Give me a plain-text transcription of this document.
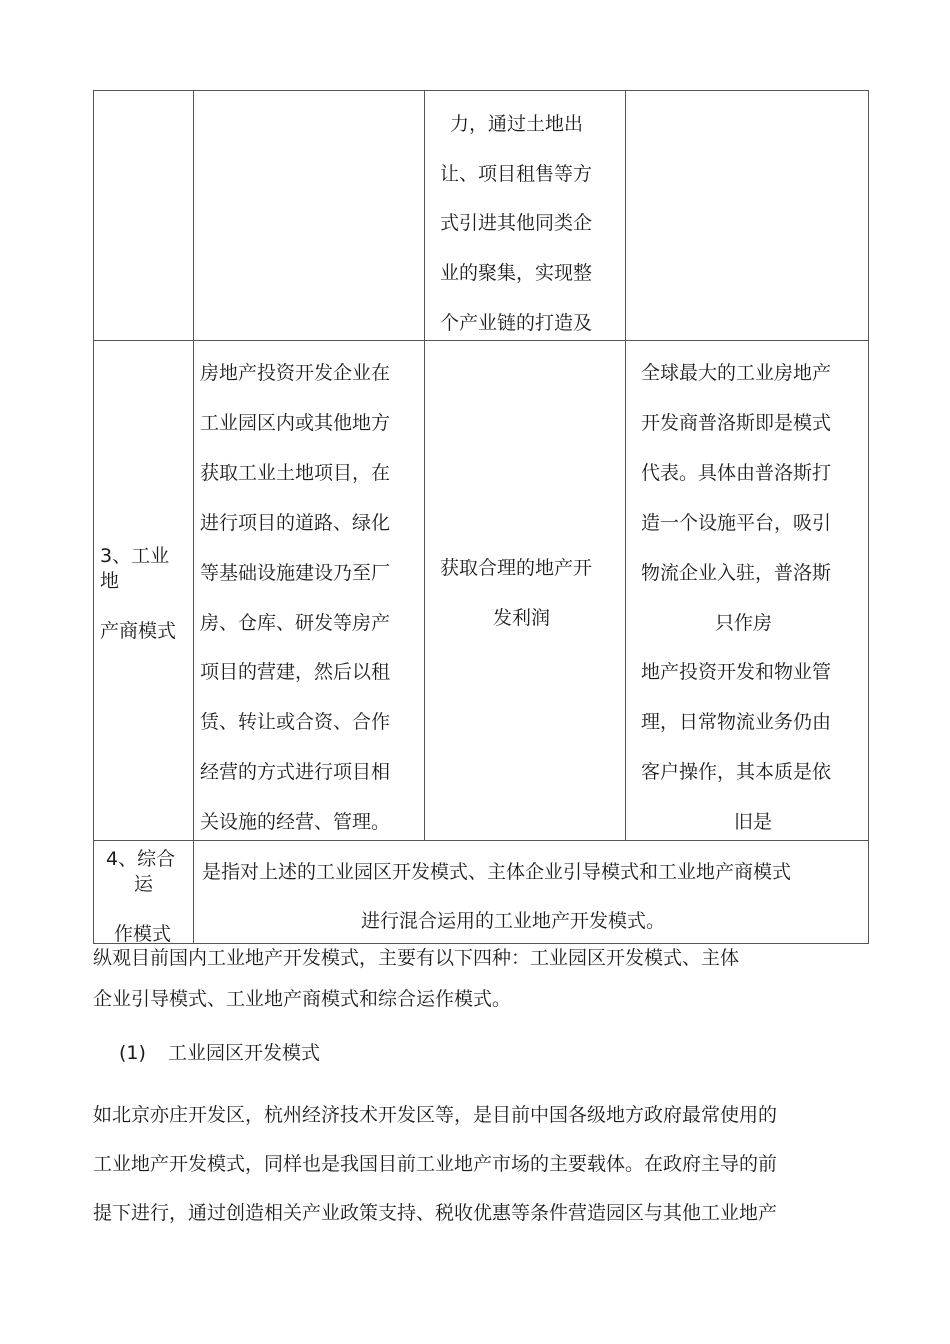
力，通过土地出
让、项目租售等方
式引进其他同类企
业的聚集，实现整
个产业链的打造及
3、工业
地
产商模式
房地产投资开发企业在
工业园区内或其他地方
获取工业土地项目，在
进行项目的道路、绿化
等基础设施建设乃至厂
房、仓库、研发等房产
项目的营建，然后以租
赁、转让或合资、合作
经营的方式进行项目相
关设施的经营、管理。
获取合理的地产开
发利润
全球最大的工业房地产
开发商普洛斯即是模式
代表。具体由普洛斯打
造一个设施平台，吸引
物流企业入驻，普洛斯
只作房
地产投资开发和物业管
理，日常物流业务仍由
客户操作，其本质是依
旧是
4、综合
运
作模式
是指对上述的工业园区开发模式、主体企业引导模式和工业地产商模式
进行混合运用的工业地产开发模式。
纵观目前国内工业地产开发模式，主要有以下四种：工业园区开发模式、主体
企业引导模式、工业地产商模式和综合运作模式。
(1) 工业园区开发模式
如北京亦庄开发区，杭州经济技术开发区等，是目前中国各级地方政府最常使用的
工业地产开发模式，同样也是我国目前工业地产市场的主要载体。在政府主导的前
提下进行，通过创造相关产业政策支持、税收优惠等条件营造园区与其他工业地产
